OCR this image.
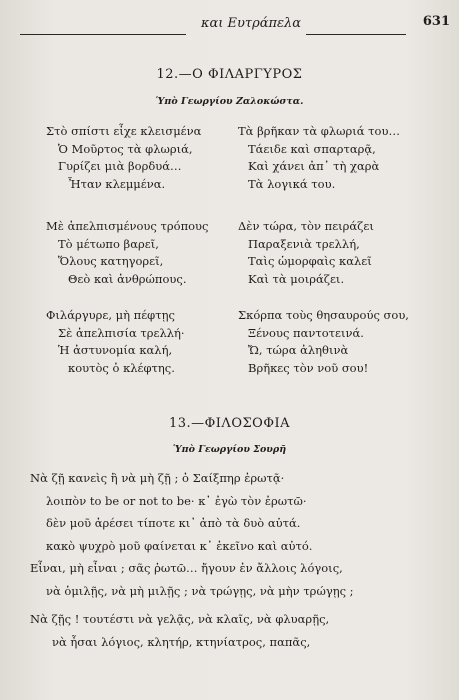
και Ευτράπελα	631
12.—Ο ΦΙΛΑΡΓΥΡΟΣ
Ὑπὸ Γεωργίου Ζαλοκώστα.
Στὸ σπίστι εἶχε κλεισμένα
Ὁ Μοῦρτος τὰ φλωριά,
Γυρίζει μιὰ βορδυά…
Ἦταν κλεμμένα.
Τὰ βρῆκαν τὰ φλωριά του…
Τάειδε καὶ σπαρταρᾷ,
Καὶ χάνει ἀπ᾽ τὴ χαρὰ
Τὰ λογικά του.
Μὲ ἀπελπισμένους τρόπους
Τὸ μέτωπο βαρεῖ,
Ὅλους κατηγορεῖ,
Θεὸ καὶ ἀνθρώπους.
Δὲν τώρα, τὸν πειράζει
Παραξενιὰ τρελλή,
Ταὶς ὡμορφαὶς καλεῖ
Καὶ τὰ μοιράζει.
Φιλάργυρε, μὴ πέφτῃς
Σὲ ἀπελπισία τρελλή·
Ἡ ἀστυνομία καλή,
κουτὸς ὁ κλέφτης.
Σκόρπα τοὺς θησαυρούς σου,
Ξένους παντοτεινά.
Ὤ, τώρα ἀληθινὰ
Βρῆκες τὸν νοῦ σου!
13.—ΦΙΛΟΣΟΦΙΑ
Ὑπὸ Γεωργίου Σουρῆ
Νὰ ζῇ κανεὶς ἢ νὰ μὴ ζῇ ; ὁ Σαίξπηρ ἐρωτᾷ·
λοιπὸν to be or not to be· κ᾽ ἐγὼ τὸν ἐρωτῶ·
δὲν μοῦ ἀρέσει τίποτε κι᾽ ἀπὸ τὰ δυὸ αὐτά.
κακὸ ψυχρὸ μοῦ φαίνεται κ᾽ ἐκεῖνο καὶ αὐτό.
Εἶναι, μὴ εἶναι ; σᾶς ῥωτῶ… ἤγουν ἐν ἄλλοις λόγοις,
νὰ ὁμιλῇς, νὰ μὴ μιλῇς ; νὰ τρώγῃς, νὰ μὴν τρώγῃς ;
Νὰ ζῇς ! τουτέστι νὰ γελᾷς, νὰ κλαῖς, νὰ φλυαρῇς,
νὰ ἦσαι λόγιος, κλητήρ, κτηνίατρος, παπᾶς,
